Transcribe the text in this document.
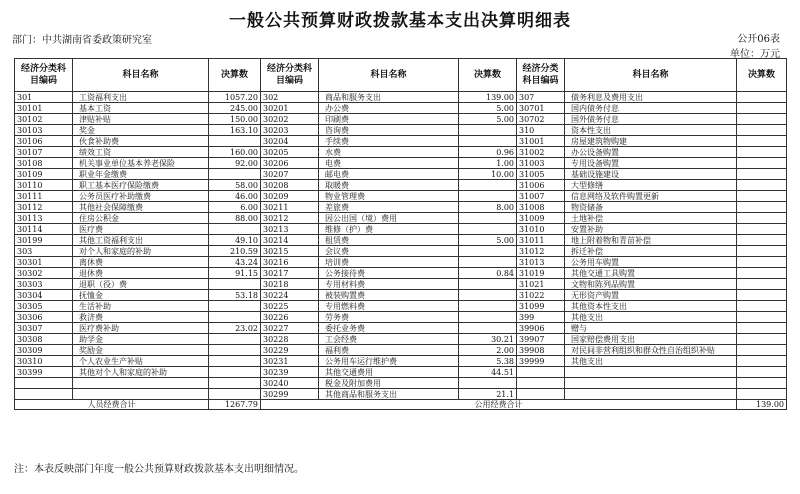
一般公共预算财政拨款基本支出决算明细表
部门：中共湖南省委政策研究室	公开06表
单位：万元
经济分类科目编码	科目名称	决算数	经济分类科目编码	科目名称	决算数	经济分类科目编码	科目名称	决算数
301	工资福利支出	1057.20	302	商品和服务支出	139.00	307	债务利息及费用支出	
30101	基本工资	245.00	30201	办公费	5.00	30701	国内债务付息	
30102	津贴补贴	150.00	30202	印刷费	5.00	30702	国外债务付息	
30103	奖金	163.10	30203	咨询费		310	资本性支出	
30106	伙食补助费		30204	手续费		31001	房屋建筑物购建	
30107	绩效工资	160.00	30205	水费	0.96	31002	办公设备购置	
30108	机关事业单位基本养老保险	92.00	30206	电费	1.00	31003	专用设备购置	
30109	职业年金缴费		30207	邮电费	10.00	31005	基础设施建设	
30110	职工基本医疗保险缴费	58.00	30208	取暖费		31006	大型修缮	
30111	公务员医疗补助缴费	46.00	30209	物业管理费		31007	信息网络及软件购置更新	
30112	其他社会保障缴费	6.00	30211	差旅费	8.00	31008	物资储备	
30113	住房公积金	88.00	30212	因公出国（境）费用		31009	土地补偿	
30114	医疗费		30213	维修（护）费		31010	安置补助	
30199	其他工资福利支出	49.10	30214	租赁费	5.00	31011	地上附着物和青苗补偿	
303	对个人和家庭的补助	210.59	30215	会议费		31012	拆迁补偿	
30301	离休费	43.24	30216	培训费		31013	公务用车购置	
30302	退休费	91.15	30217	公务接待费	0.84	31019	其他交通工具购置	
30303	退职（役）费		30218	专用材料费		31021	文物和陈列品购置	
30304	抚恤金	53.18	30224	被装购置费		31022	无形资产购置	
30305	生活补助		30225	专用燃料费		31099	其他资本性支出	
30306	救济费		30226	劳务费		399	其他支出	
30307	医疗费补助	23.02	30227	委托业务费		39906	赠与	
30308	助学金		30228	工会经费	30.21	39907	国家赔偿费用支出	
30309	奖励金		30229	福利费	2.00	39908	对民间非营利组织和群众性自治组织补贴	
30310	个人农业生产补贴		30231	公务用车运行维护费	5.38	39999	其他支出	
30399	其他对个人和家庭的补助		30239	其他交通费用	44.51			
			30240	税金及附加费用				
			30299	其他商品和服务支出	21.1			
人员经费合计		1267.79	公用经费合计					139.00
注：本表反映部门年度一般公共预算财政拨款基本支出明细情况。
